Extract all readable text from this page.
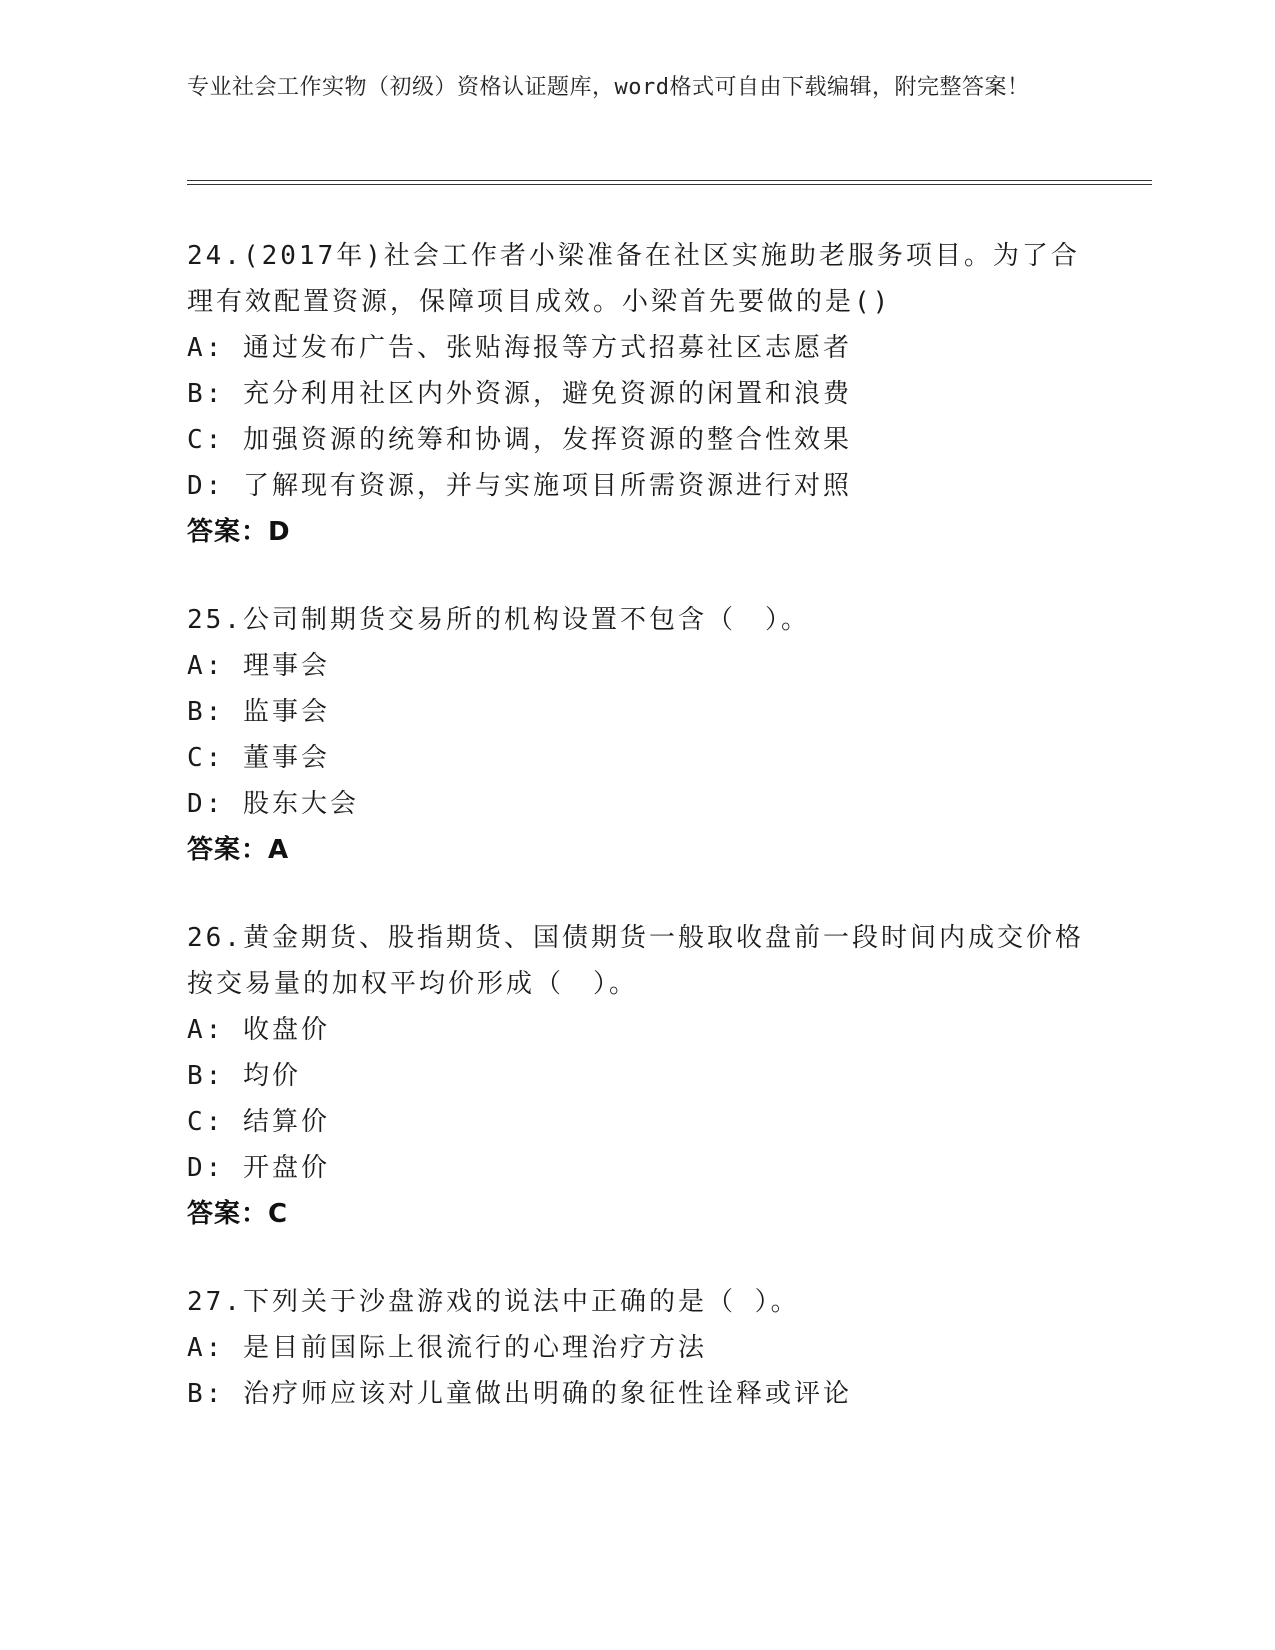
专业社会工作实物（初级）资格认证题库，word格式可自由下载编辑，附完整答案！
24.(2017年)社会工作者小梁准备在社区实施助老服务项目。为了合理有效配置资源，保障项目成效。小梁首先要做的是()
A: 通过发布广告、张贴海报等方式招募社区志愿者
B: 充分利用社区内外资源，避免资源的闲置和浪费
C: 加强资源的统筹和协调，发挥资源的整合性效果
D: 了解现有资源，并与实施项目所需资源进行对照
答案：D
25.公司制期货交易所的机构设置不包含（　）。
A: 理事会
B: 监事会
C: 董事会
D: 股东大会
答案：A
26.黄金期货、股指期货、国债期货一般取收盘前一段时间内成交价格按交易量的加权平均价形成（　）。
A: 收盘价
B: 均价
C: 结算价
D: 开盘价
答案：C
27.下列关于沙盘游戏的说法中正确的是（ ）。
A: 是目前国际上很流行的心理治疗方法
B: 治疗师应该对儿童做出明确的象征性诠释或评论
